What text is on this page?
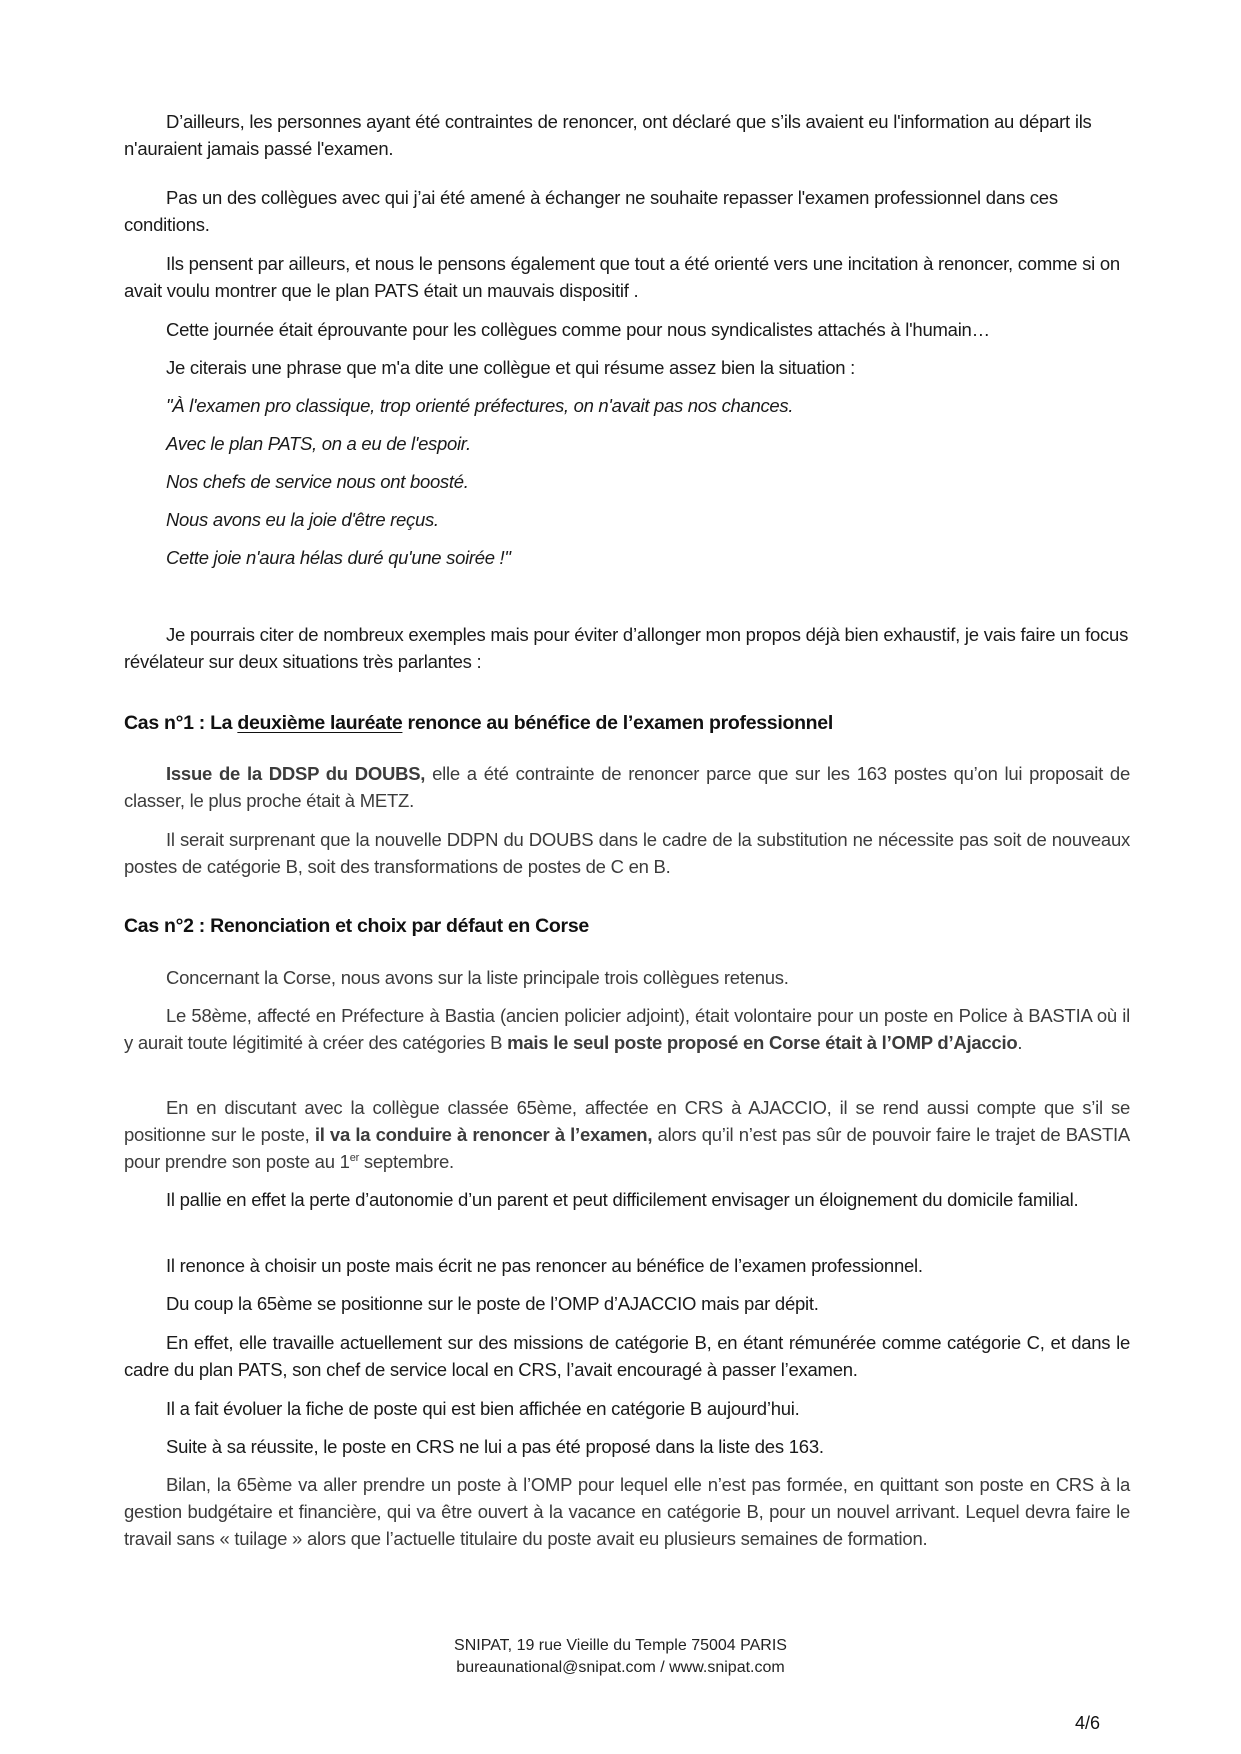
D’ailleurs, les personnes ayant été contraintes de renoncer, ont déclaré que s’ils avaient eu l'information au départ ils n'auraient jamais passé l'examen.

Pas un des collègues avec qui j’ai été amené à échanger ne souhaite repasser l'examen professionnel dans ces conditions.

Ils pensent par ailleurs, et nous le pensons également que tout a été orienté vers une incitation à renoncer, comme si on avait voulu montrer que le plan PATS était un mauvais dispositif .

Cette journée était éprouvante pour les collègues comme pour nous syndicalistes attachés à l'humain…

Je citerais une phrase que m'a dite une collègue et qui résume assez bien la situation :

"À l'examen pro classique, trop orienté préfectures, on n'avait pas nos chances.
Avec le plan PATS, on a eu de l'espoir.
Nos chefs de service nous ont boosté.
Nous avons eu la joie d'être reçus.
Cette joie n'aura hélas duré qu'une soirée !"

Je pourrais citer de nombreux exemples mais pour éviter d’allonger mon propos déjà bien exhaustif, je vais faire un focus révélateur sur deux situations très parlantes :

Cas n°1 : La deuxième lauréate renonce au bénéfice de l’examen professionnel

Issue de la DDSP du DOUBS, elle a été contrainte de renoncer parce que sur les 163 postes qu’on lui proposait de classer, le plus proche était à METZ.

Il serait surprenant que la nouvelle DDPN du DOUBS dans le cadre de la substitution ne nécessite pas soit de nouveaux postes de catégorie B, soit des transformations de postes de C en B.

Cas n°2 : Renonciation et choix par défaut en Corse

Concernant la Corse, nous avons sur la liste principale trois collègues retenus.

Le 58ème, affecté en Préfecture à Bastia (ancien policier adjoint), était volontaire pour un poste en Police à BASTIA où il y aurait toute légitimité à créer des catégories B mais le seul poste proposé en Corse était à l’OMP d’Ajaccio.

En en discutant avec la collègue classée 65ème, affectée en CRS à AJACCIO, il se rend aussi compte que s’il se positionne sur le poste, il va la conduire à renoncer à l’examen, alors qu’il n’est pas sûr de pouvoir faire le trajet de BASTIA pour prendre son poste au 1er septembre.

Il pallie en effet la perte d’autonomie d’un parent et peut difficilement envisager un éloignement du domicile familial.

Il renonce à choisir un poste mais écrit ne pas renoncer au bénéfice de l’examen professionnel.

Du coup la 65ème se positionne sur le poste de l’OMP d’AJACCIO mais par dépit.

En effet, elle travaille actuellement sur des missions de catégorie B, en étant rémunérée comme catégorie C, et dans le cadre du plan PATS, son chef de service local en CRS, l’avait encouragé à passer l’examen.

Il a fait évoluer la fiche de poste qui est bien affichée en catégorie B aujourd’hui.

Suite à sa réussite, le poste en CRS ne lui a pas été proposé dans la liste des 163.

Bilan, la 65ème va aller prendre un poste à l’OMP pour lequel elle n’est pas formée, en quittant son poste en CRS à la gestion budgétaire et financière, qui va être ouvert à la vacance en catégorie B, pour un nouvel arrivant. Lequel devra faire le travail sans « tuilage » alors que l’actuelle titulaire du poste avait eu plusieurs semaines de formation.

SNIPAT, 19 rue Vieille du Temple 75004 PARIS
bureaunational@snipat.com / www.snipat.com
4/6
